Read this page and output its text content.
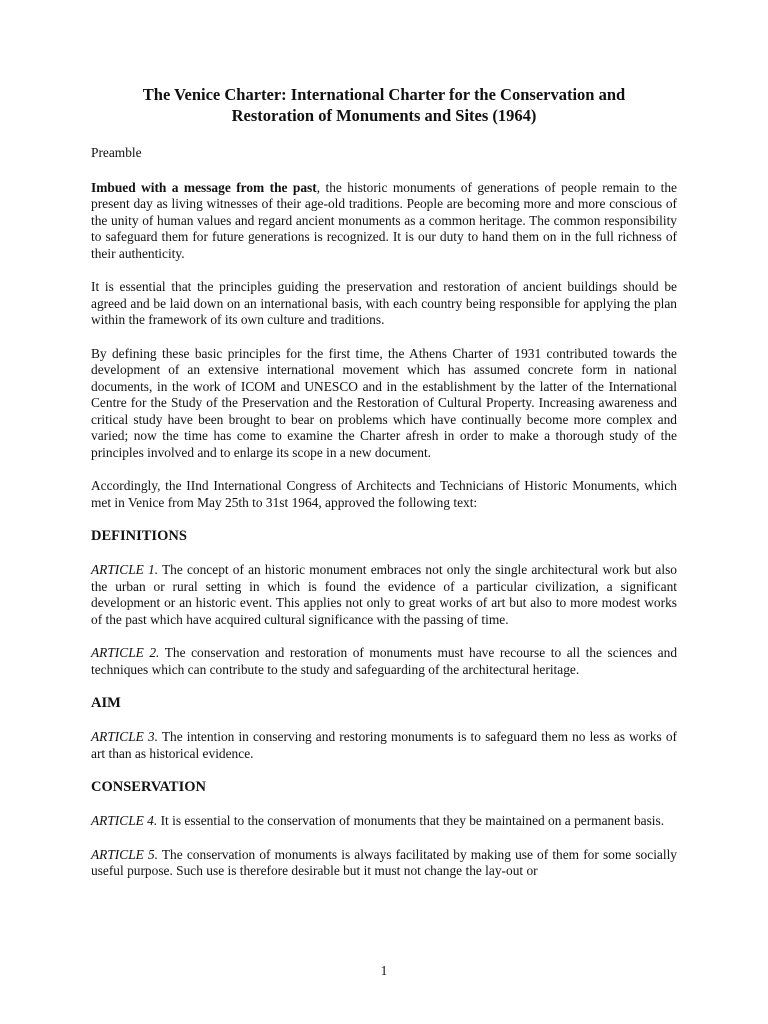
The Venice Charter: International Charter for the Conservation and
Restoration of Monuments and Sites (1964)

Preamble

Imbued with a message from the past, the historic monuments of generations of people remain to the present day as living witnesses of their age-old traditions. People are becoming more and more conscious of the unity of human values and regard ancient monuments as a common heritage. The common responsibility to safeguard them for future generations is recognized. It is our duty to hand them on in the full richness of their authenticity.

It is essential that the principles guiding the preservation and restoration of ancient buildings should be agreed and be laid down on an international basis, with each country being responsible for applying the plan within the framework of its own culture and traditions.

By defining these basic principles for the first time, the Athens Charter of 1931 contributed towards the development of an extensive international movement which has assumed concrete form in national documents, in the work of ICOM and UNESCO and in the establishment by the latter of the International Centre for the Study of the Preservation and the Restoration of Cultural Property. Increasing awareness and critical study have been brought to bear on problems which have continually become more complex and varied; now the time has come to examine the Charter afresh in order to make a thorough study of the principles involved and to enlarge its scope in a new document.

Accordingly, the IInd International Congress of Architects and Technicians of Historic Monuments, which met in Venice from May 25th to 31st 1964, approved the following text:

DEFINITIONS

ARTICLE 1. The concept of an historic monument embraces not only the single architectural work but also the urban or rural setting in which is found the evidence of a particular civilization, a significant development or an historic event. This applies not only to great works of art but also to more modest works of the past which have acquired cultural significance with the passing of time.

ARTICLE 2. The conservation and restoration of monuments must have recourse to all the sciences and techniques which can contribute to the study and safeguarding of the architectural heritage.

AIM

ARTICLE 3. The intention in conserving and restoring monuments is to safeguard them no less as works of art than as historical evidence.

CONSERVATION

ARTICLE 4. It is essential to the conservation of monuments that they be maintained on a permanent basis.

ARTICLE 5. The conservation of monuments is always facilitated by making use of them for some socially useful purpose. Such use is therefore desirable but it must not change the lay-out or

1
